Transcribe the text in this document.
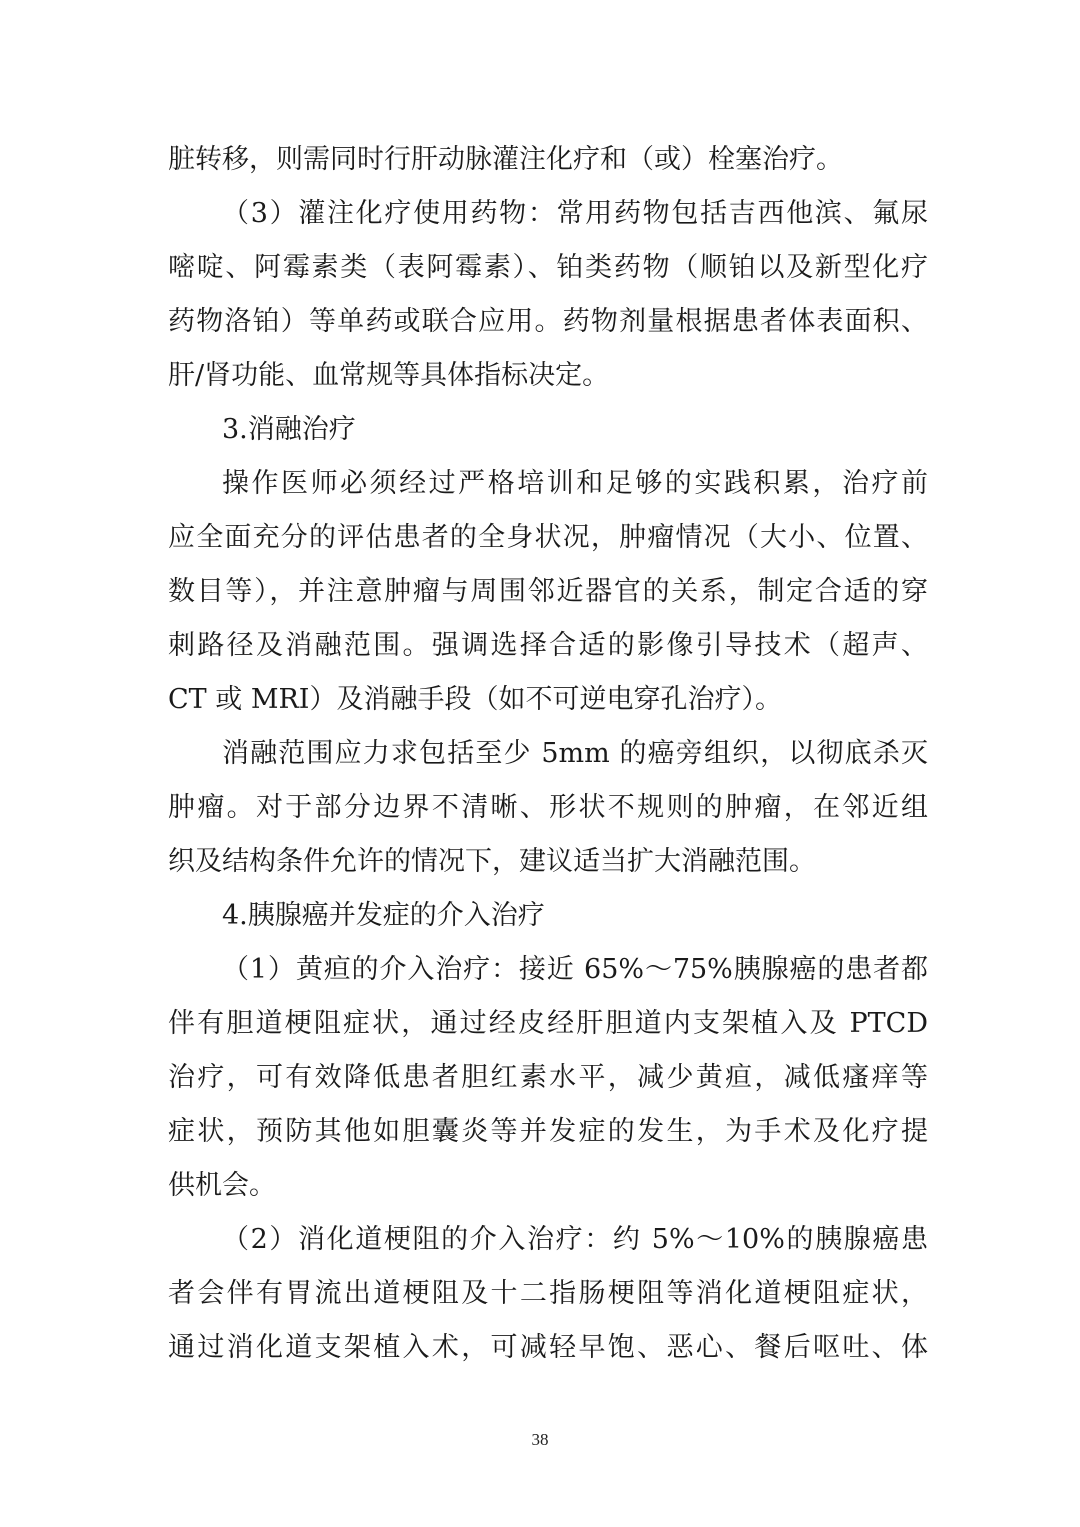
脏转移，则需同时行肝动脉灌注化疗和（或）栓塞治疗。
（3）灌注化疗使用药物：常用药物包括吉西他滨、氟尿
嘧啶、阿霉素类（表阿霉素）、铂类药物（顺铂以及新型化疗
药物洛铂）等单药或联合应用。药物剂量根据患者体表面积、
肝/肾功能、血常规等具体指标决定。
3.消融治疗
操作医师必须经过严格培训和足够的实践积累，治疗前
应全面充分的评估患者的全身状况，肿瘤情况（大小、位置、
数目等），并注意肿瘤与周围邻近器官的关系，制定合适的穿
刺路径及消融范围。强调选择合适的影像引导技术（超声、
CT 或 MRI）及消融手段（如不可逆电穿孔治疗）。
消融范围应力求包括至少 5mm 的癌旁组织，以彻底杀灭
肿瘤。对于部分边界不清晰、形状不规则的肿瘤，在邻近组
织及结构条件允许的情况下，建议适当扩大消融范围。
4.胰腺癌并发症的介入治疗
（1）黄疸的介入治疗：接近 65%～75%胰腺癌的患者都
伴有胆道梗阻症状，通过经皮经肝胆道内支架植入及 PTCD
治疗，可有效降低患者胆红素水平，减少黄疸，减低瘙痒等
症状，预防其他如胆囊炎等并发症的发生，为手术及化疗提
供机会。
（2）消化道梗阻的介入治疗：约 5%～10%的胰腺癌患
者会伴有胃流出道梗阻及十二指肠梗阻等消化道梗阻症状，
通过消化道支架植入术，可减轻早饱、恶心、餐后呕吐、体
38
